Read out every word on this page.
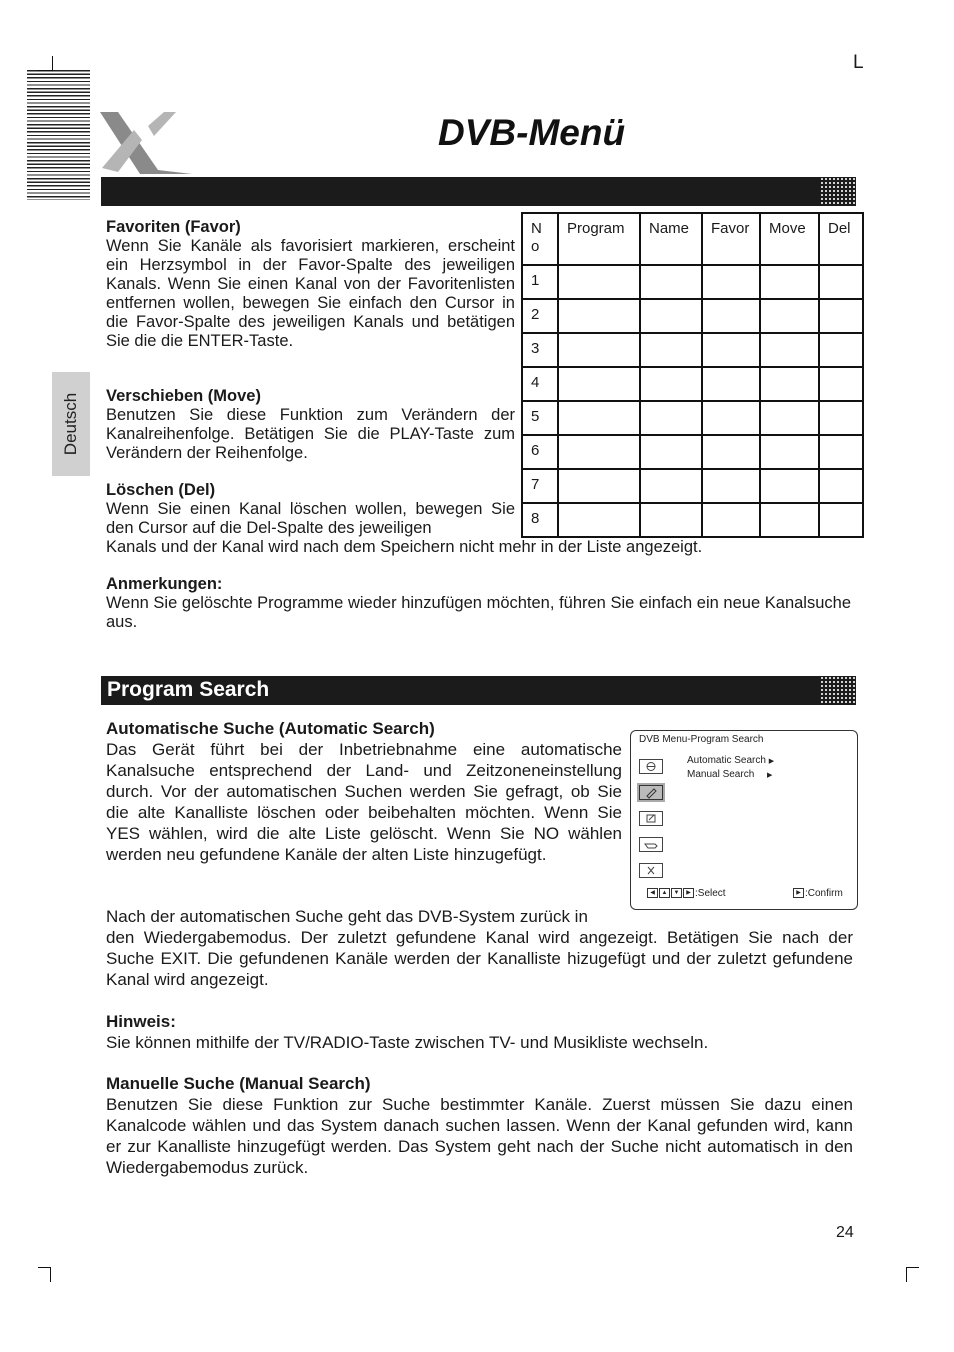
L
DVB-Menü
Deutsch
Favoriten (Favor)

Wenn Sie Kanäle als favorisiert markieren, erscheint ein Herzsymbol in der Favor-Spalte des jeweiligen Kanals. Wenn Sie einen Kanal von der Favoritenlisten entfernen wollen, bewegen Sie einfach den Cursor in die Favor-Spalte des jeweiligen Kanals und betätigen Sie die die ENTER-Taste.

Verschieben (Move)

Benutzen Sie diese Funktion zum Verändern der Kanalreihenfolge. Betätigen Sie die PLAY-Taste zum Verändern der Reihenfolge.

Löschen (Del)

Wenn Sie einen Kanal löschen wollen, bewegen Sie den Cursor auf die Del-Spalte des jeweiligen

Kanals und der Kanal wird nach dem Speichern nicht mehr in der Liste angezeigt.
Anmerkungen:

Wenn Sie gelöschte Programme wieder hinzufügen möchten, führen Sie einfach ein neue Kanalsuche aus.

N o	Program	Name	Favor	Move	Del
1					
2					
3					
4					
5					
6					
7					
8					
Program Search
Automatische Suche (Automatic Search)

Das Gerät führt bei der Inbetriebnahme eine automatische Kanalsuche entsprechend der Land- und Zeitzoneneinstellung durch. Vor der automatischen Suchen werden Sie gefragt, ob Sie die alte Kanalliste löschen oder beibehalten möchten. Wenn Sie YES wählen, wird die alte Liste gelöscht. Wenn Sie NO wählen werden neu gefundene Kanäle der alten Liste hinzugefügt.

DVB Menu-Program Search
Automatic Search ▶
Manual Search ▶
◀ ▲ ▼ ▶ :Select	▶ :Confirm
Nach der automatischen Suche geht das DVB-System zurück in
den Wiedergabemodus. Der zuletzt gefundene Kanal wird angezeigt. Betätigen Sie nach der Suche EXIT. Die gefundenen Kanäle werden der Kanalliste hizugefügt und der zuletzt gefundene Kanal wird angezeigt.
Hinweis:

Sie können mithilfe der TV/RADIO-Taste zwischen TV- und Musikliste wechseln.

Manuelle Suche (Manual Search)

Benutzen Sie diese Funktion zur Suche bestimmter Kanäle. Zuerst müssen Sie dazu einen Kanalcode wählen und das System danach suchen lassen. Wenn der Kanal gefunden wird, kann er zur Kanalliste hinzugefügt werden. Das System geht nach der Suche nicht automatisch in den Wiedergabemodus zurück.

24
